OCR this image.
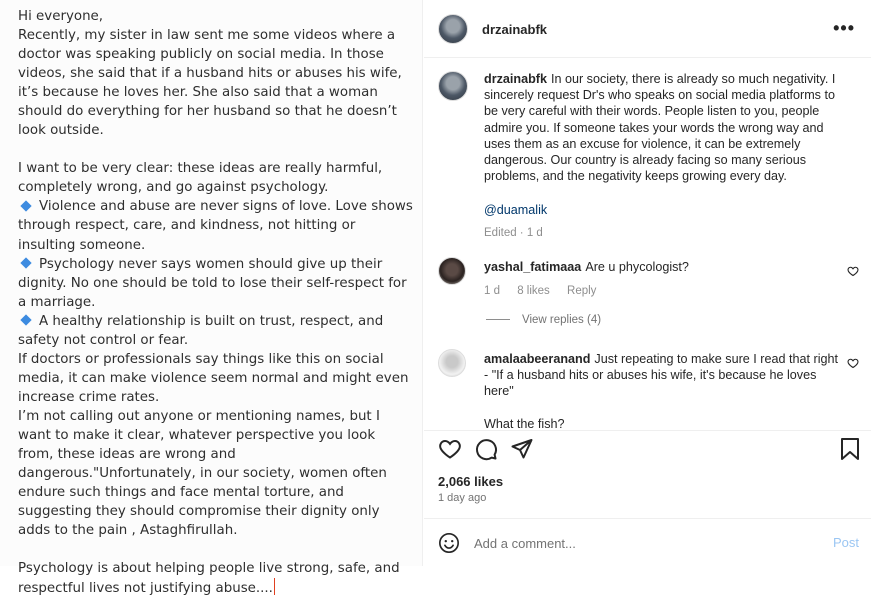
Hi everyone,

Recently, my sister in law sent me some videos where a doctor was speaking publicly on social media. In those videos, she said that if a husband hits or abuses his wife, it’s because he loves her. She also said that a woman should do everything for her husband so that he doesn’t look outside.

I want to be very clear: these ideas are really harmful, completely wrong, and go against psychology.

Violence and abuse are never signs of love. Love shows through respect, care, and kindness, not hitting or insulting someone.

Psychology never says women should give up their dignity. No one should be told to lose their self-respect for a marriage.

A healthy relationship is built on trust, respect, and safety not control or fear.

If doctors or professionals say things like this on social media, it can make violence seem normal and might even increase crime rates.

I’m not calling out anyone or mentioning names, but I want to make it clear, whatever perspective you look from, these ideas are wrong and dangerous."Unfortunately, in our society, women often endure such things and face mental torture, and suggesting they should compromise their dignity only adds to the pain , Astaghfirullah.

Psychology is about helping people live strong, safe, and respectful lives not justifying abuse....

drzainabfk	•••

drzainabfk In our society, there is already so much negativity. I sincerely request Dr's who speaks on social media platforms to be very careful with their words. People listen to you, people admire you. If someone takes your words the wrong way and uses them as an excuse for violence, it can be extremely dangerous. Our country is already facing so many serious problems, and the negativity keeps growing every day.

@duamalik

Edited · 1 d

yashal_fatimaaa Are u phycologist?

1 d 8 likes Reply

View replies (4)

amalaabeeranand Just repeating to make sure I read that right - "If a husband hits or abuses his wife, it's because he loves here"

What the fish?

2,066 likes
1 day ago
Add a comment...
Post
